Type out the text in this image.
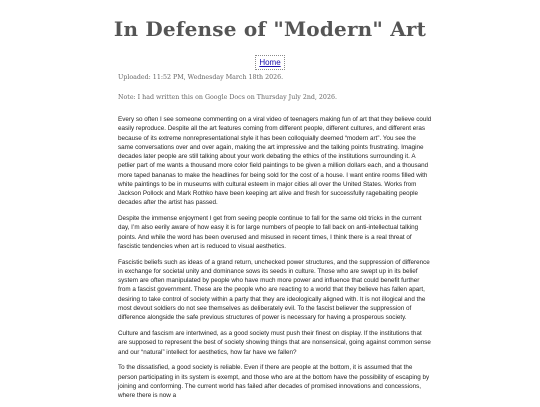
In Defense of "Modern" Art
Home

Uploaded: 11:52 PM, Wednesday March 18th 2026.

Note: I had written this on Google Docs on Thursday July 2nd, 2026.

Every so often I see someone commenting on a viral video of teenagers making fun of art that they believe could easily reproduce. Despite all the art features coming from different people, different cultures, and different eras because of its extreme nonrepresentational style it has been colloquially deemed “modern art”. You see the same conversations over and over again, making the art impressive and the talking points frustrating. Imagine decades later people are still talking about your work debating the ethics of the institutions surrounding it. A petlier part of me wants a thousand more color field paintings to be given a million dollars each, and a thousand more taped bananas to make the headlines for being sold for the cost of a house. I want entire rooms filled with white paintings to be in museums with cultural esteem in major cities all over the United States. Works from Jackson Pollock and Mark Rothko have been keeping art alive and fresh for successfully ragebaiting people decades after the artist has passed.

Despite the immense enjoyment I get from seeing people continue to fall for the same old tricks in the current day, I’m also eerily aware of how easy it is for large numbers of people to fall back on anti-intellectual talking points. And while the word has been overused and misused in recent times, I think there is a real threat of fascistic tendencies when art is reduced to visual aesthetics.

Fascistic beliefs such as ideas of a grand return, unchecked power structures, and the suppression of difference in exchange for societal unity and dominance sows its seeds in culture. Those who are swept up in its belief system are often manipulated by people who have much more power and influence that could benefit further from a fascist government. These are the people who are reacting to a world that they believe has fallen apart, desiring to take control of society within a party that they are ideologically aligned with. It is not illogical and the most devout soldiers do not see themselves as deliberately evil. To the fascist believer the suppression of difference alongside the safe previous structures of power is necessary for having a prosperous society.

Culture and fascism are intertwined, as a good society must push their finest on display. If the institutions that are supposed to represent the best of society showing things that are nonsensical, going against common sense and our “natural” intellect for aesthetics, how far have we fallen?

To the dissatisfied, a good society is reliable. Even if there are people at the bottom, it is assumed that the person participating in its system is exempt, and those who are at the bottom have the possibility of escaping by joining and conforming. The current world has failed after decades of promised innovations and concessions, where there is now a
